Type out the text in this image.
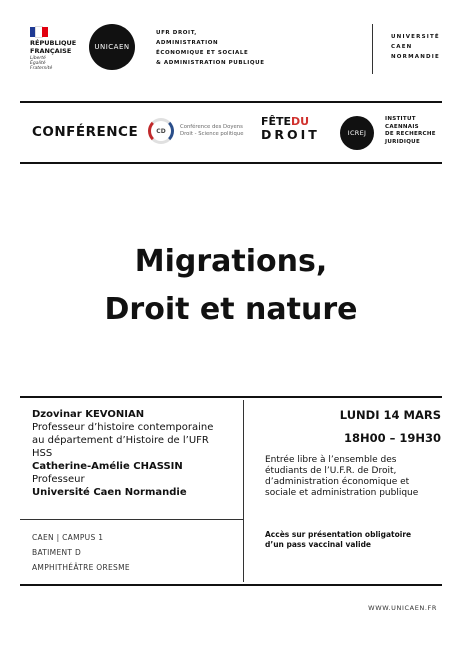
RÉPUBLIQUE
FRANÇAISE
Liberté
Égalité
Fraternité
UNICAEN
UFR DROIT,
ADMINISTRATION
ÉCONOMIQUE ET SOCIALE
& ADMINISTRATION PUBLIQUE
UNIVERSITÉ
CAEN
NORMANDIE
CONFÉRENCE	CD
Conférence des Doyens
Droit - Science politique
FÊTEDU
DROIT	ICREJ
INSTITUT
CAENNAIS
DE RECHERCHE
JURIDIQUE
Migrations,
Droit et nature
Dzovinar KEVONIAN
Professeur d’histoire contemporaine
au département d’Histoire de l’UFR
HSS
Catherine-Amélie CHASSIN
Professeur
Université Caen Normandie
CAEN | CAMPUS 1
BATIMENT D
AMPHITHÉÂTRE ORESME
LUNDI 14 MARS
18H00 – 19H30
Entrée libre à l’ensemble des
étudiants de l’U.F.R. de Droit,
d’administration économique et
sociale et administration publique
Accès sur présentation obligatoire
d’un pass vaccinal valide
WWW.UNICAEN.FR
